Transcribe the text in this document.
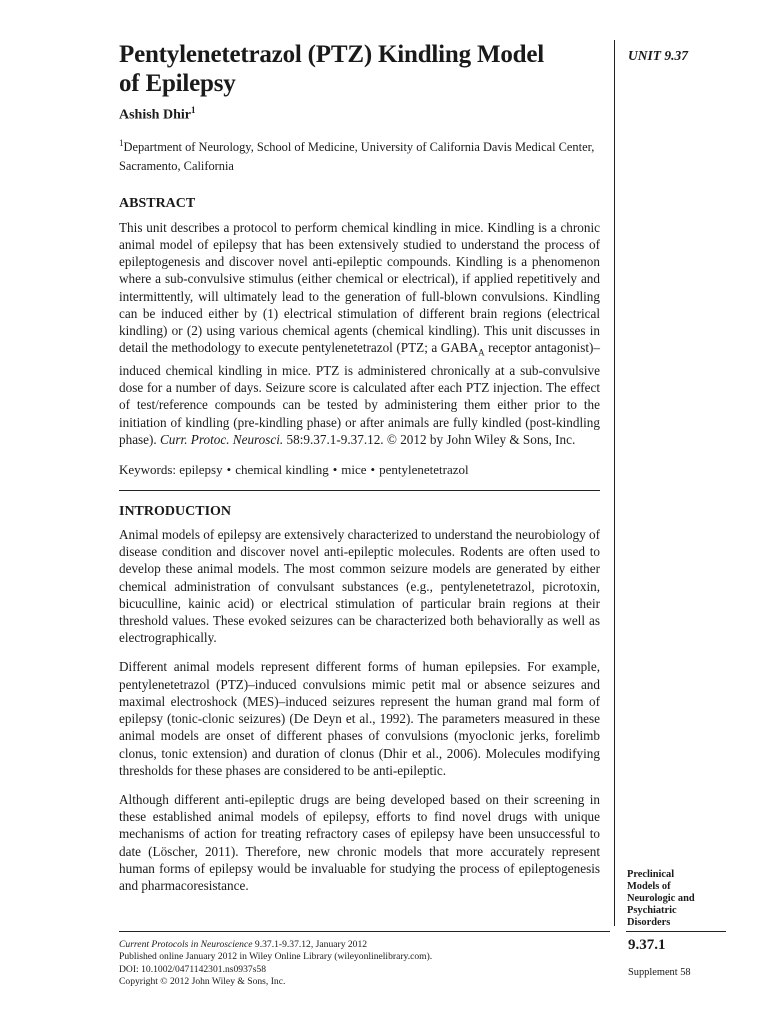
Pentylenetetrazol (PTZ) Kindling Model
of Epilepsy
Ashish Dhir$^1$
$^1$Department of Neurology, School of Medicine, University of California Davis Medical Center, Sacramento, California
ABSTRACT

This unit describes a protocol to perform chemical kindling in mice. Kindling is a chronic animal model of epilepsy that has been extensively studied to understand the process of epileptogenesis and discover novel anti-epileptic compounds. Kindling is a phenomenon where a sub-convulsive stimulus (either chemical or electrical), if applied repetitively and intermittently, will ultimately lead to the generation of full-blown convulsions. Kindling can be induced either by (1) electrical stimulation of different brain regions (electrical kindling) or (2) using various chemical agents (chemical kindling). This unit discusses in detail the methodology to execute pentylenetetrazol (PTZ; a $GABA_A$ receptor antagonist)–induced chemical kindling in mice. PTZ is administered chronically at a sub-convulsive dose for a number of days. Seizure score is calculated after each PTZ injection. The effect of test/reference compounds can be tested by administering them either prior to the initiation of kindling (pre-kindling phase) or after animals are fully kindled (post-kindling phase). Curr. Protoc. Neurosci. 58:9.37.1-9.37.12. © 2012 by John Wiley & Sons, Inc.

Keywords: epilepsy • chemical kindling • mice • pentylenetetrazol
INTRODUCTION

Animal models of epilepsy are extensively characterized to understand the neurobiology of disease condition and discover novel anti-epileptic molecules. Rodents are often used to develop these animal models. The most common seizure models are generated by either chemical administration of convulsant substances (e.g., pentylenetetrazol, picrotoxin, bicuculline, kainic acid) or electrical stimulation of particular brain regions at their threshold values. These evoked seizures can be characterized both behaviorally as well as electrographically.

Different animal models represent different forms of human epilepsies. For example, pentylenetetrazol (PTZ)–induced convulsions mimic petit mal or absence seizures and maximal electroshock (MES)–induced seizures represent the human grand mal form of epilepsy (tonic-clonic seizures) (De Deyn et al., 1992). The parameters measured in these animal models are onset of different phases of convulsions (myoclonic jerks, forelimb clonus, tonic extension) and duration of clonus (Dhir et al., 2006). Molecules modifying thresholds for these phases are considered to be anti-epileptic.

Although different anti-epileptic drugs are being developed based on their screening in these established animal models of epilepsy, efforts to find novel drugs with unique mechanisms of action for treating refractory cases of epilepsy have been unsuccessful to date (Löscher, 2011). Therefore, new chronic models that more accurately represent human forms of epilepsy would be invaluable for studying the process of epileptogenesis and pharmacoresistance.

UNIT 9.37
Preclinical
Models of
Neurologic and
Psychiatric
Disorders
Current Protocols in Neuroscience 9.37.1-9.37.12, January 2012
Published online January 2012 in Wiley Online Library (wileyonlinelibrary.com).
DOI: 10.1002/0471142301.ns0937s58
Copyright © 2012 John Wiley & Sons, Inc.
9.37.1
Supplement 58
